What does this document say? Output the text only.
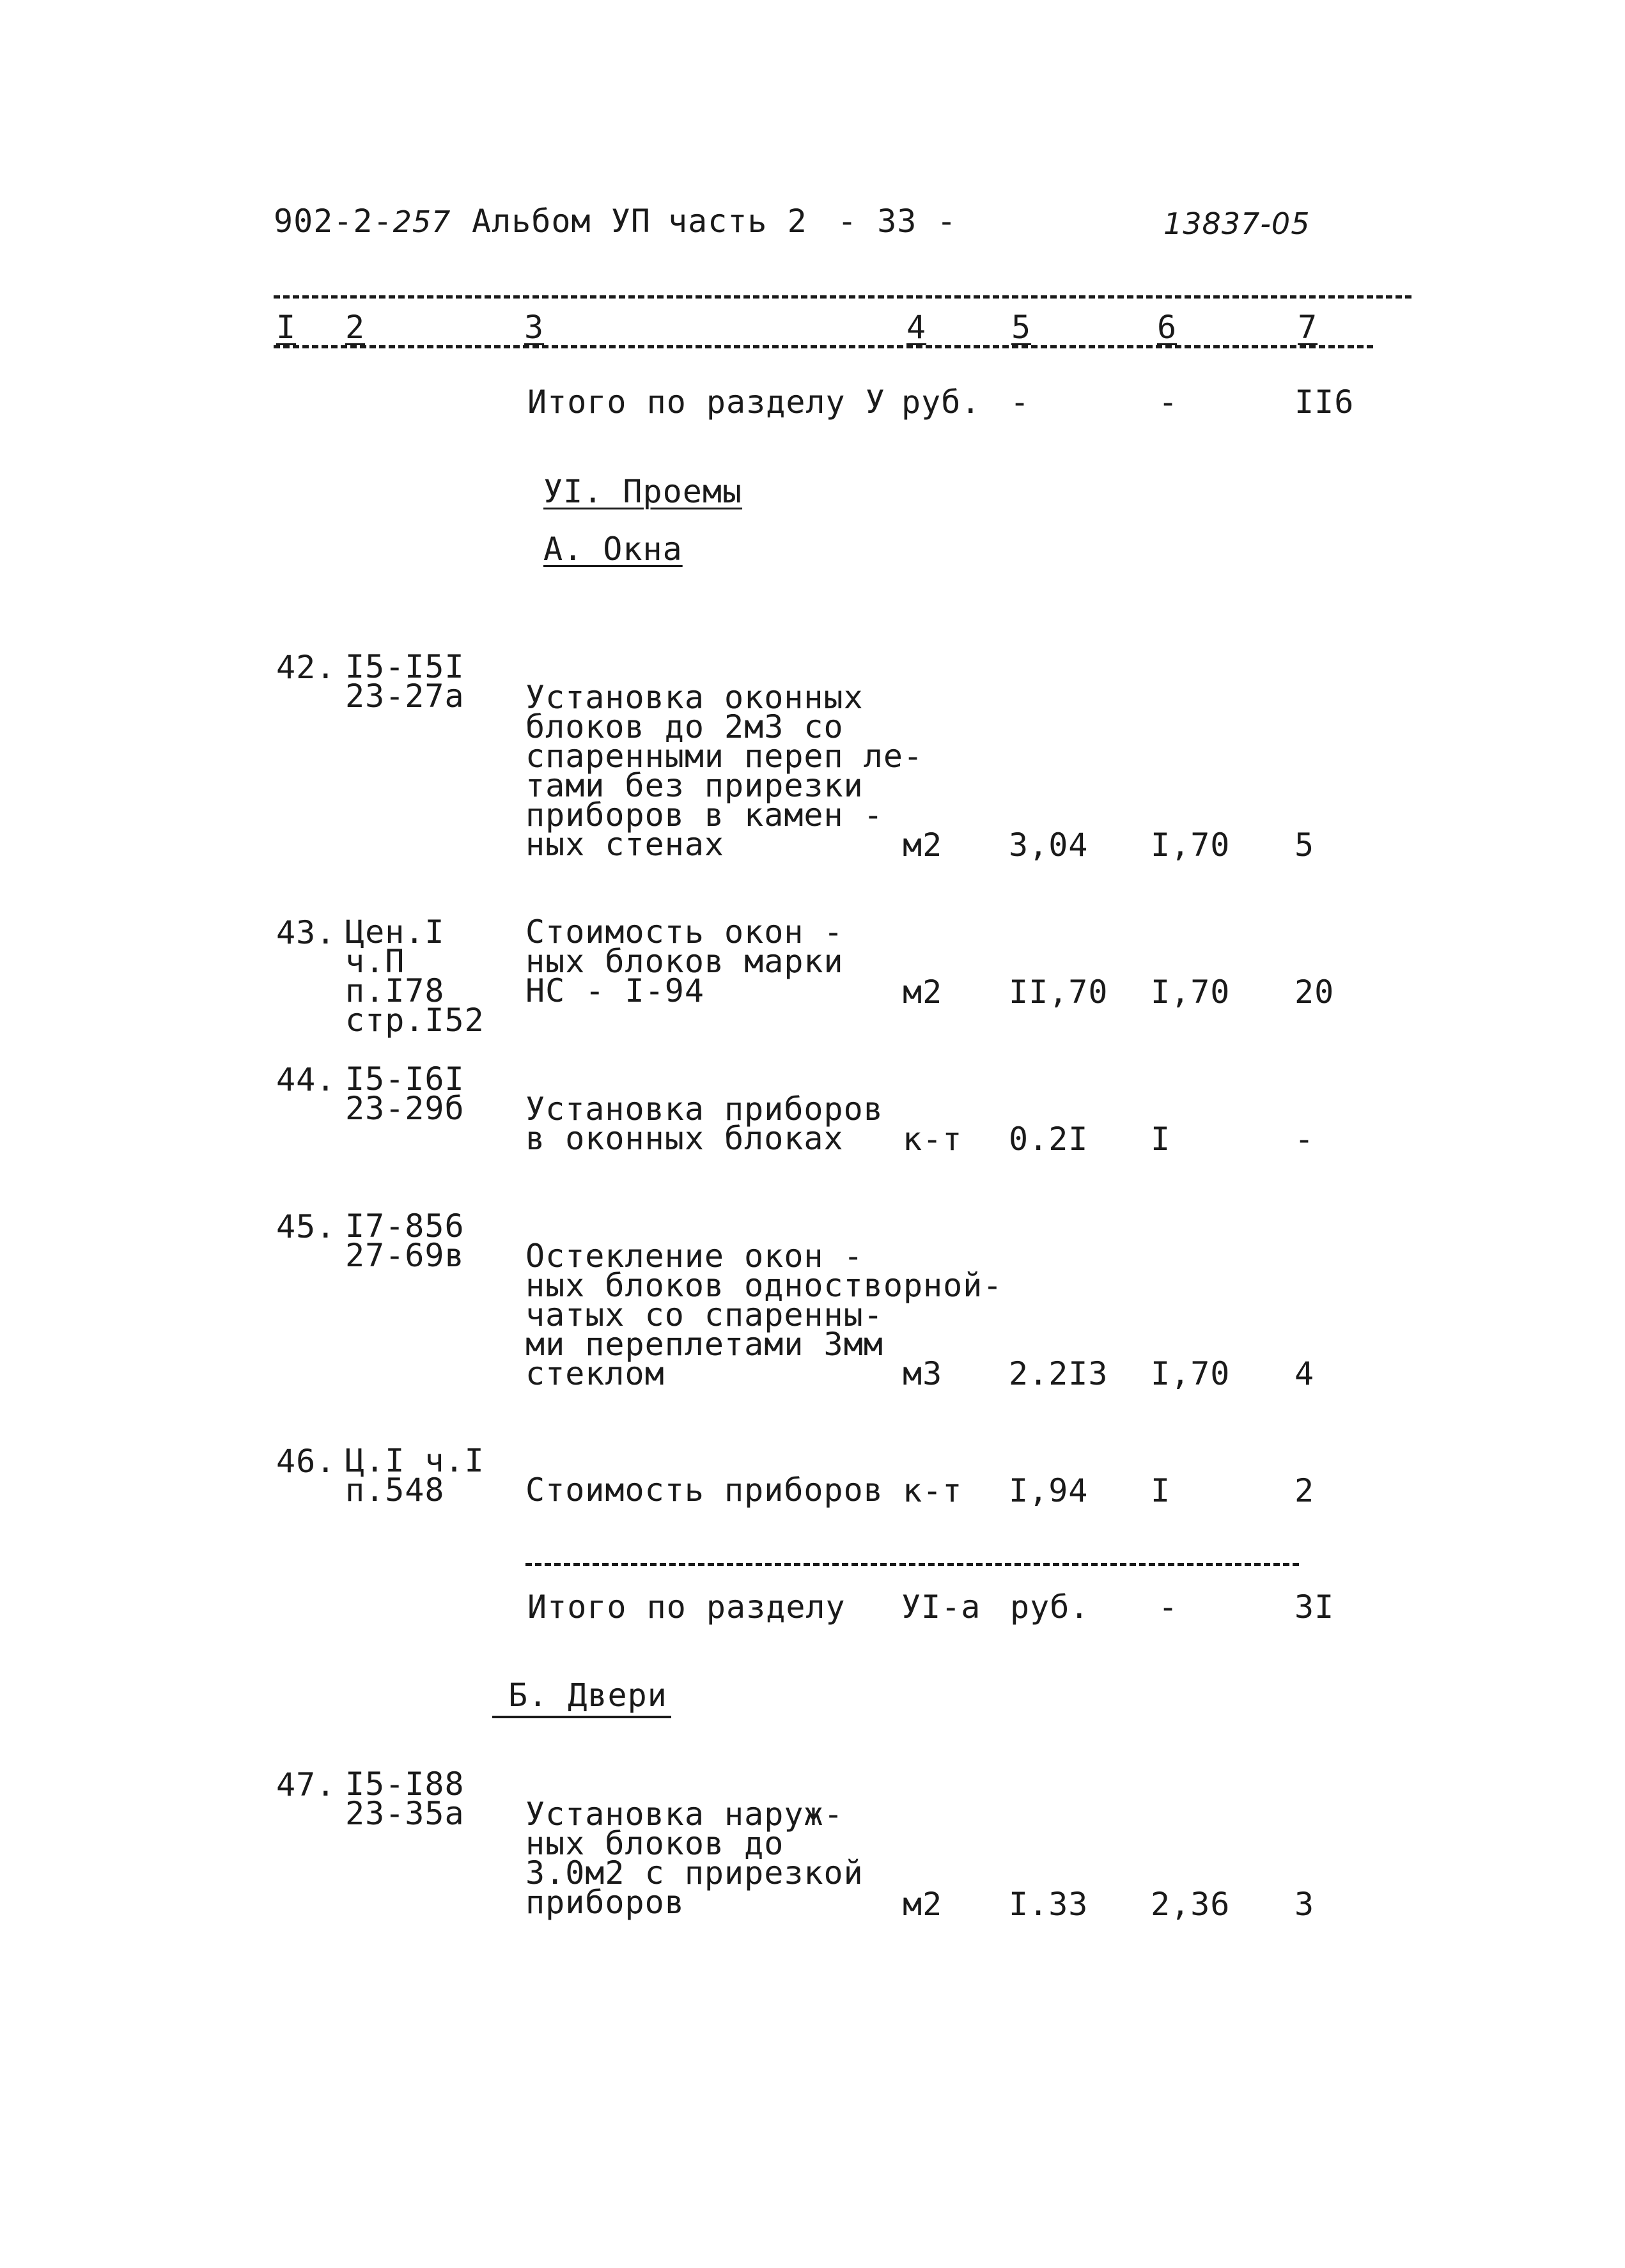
902-2-257 Альбом УП часть 2 - 33 -	13837-05
I 2	3	4	5	6	7
Итого по разделу У руб. -	-	II6
УI. Проемы
А. Окна
42. I5-I5I
23-27а Установка оконных
блоков до 2м3 со
спаренными переп ле-
тами без прирезки
приборов в камен -
ных стенах	м2 3,04 I,70 5
43. Цен.I
ч.П
п.I78
стр.I52
Стоимость окон -
ных блоков марки
НС - I-94	м2 II,70 I,70 20
44. I5-I6I
23-29б Установка приборов
в оконных блоках	к-т 0.2I I	-
45. I7-856
27-69в Остекление окон -
ных блоков одностворной-
чатых со спаренны-
ми переплетами 3мм
стеклом	м3 2.2I3 I,70 4
46. Ц.I ч.I
п.548	Стоимость приборов к-т I,94 I	2
Итого по разделу УI-а руб. -	3I
Б. Двери
47. I5-I88
23-35а Установка наруж-
ных блоков до
3.0м2 с прирезкой
приборов	м2 I.33 2,36 3
